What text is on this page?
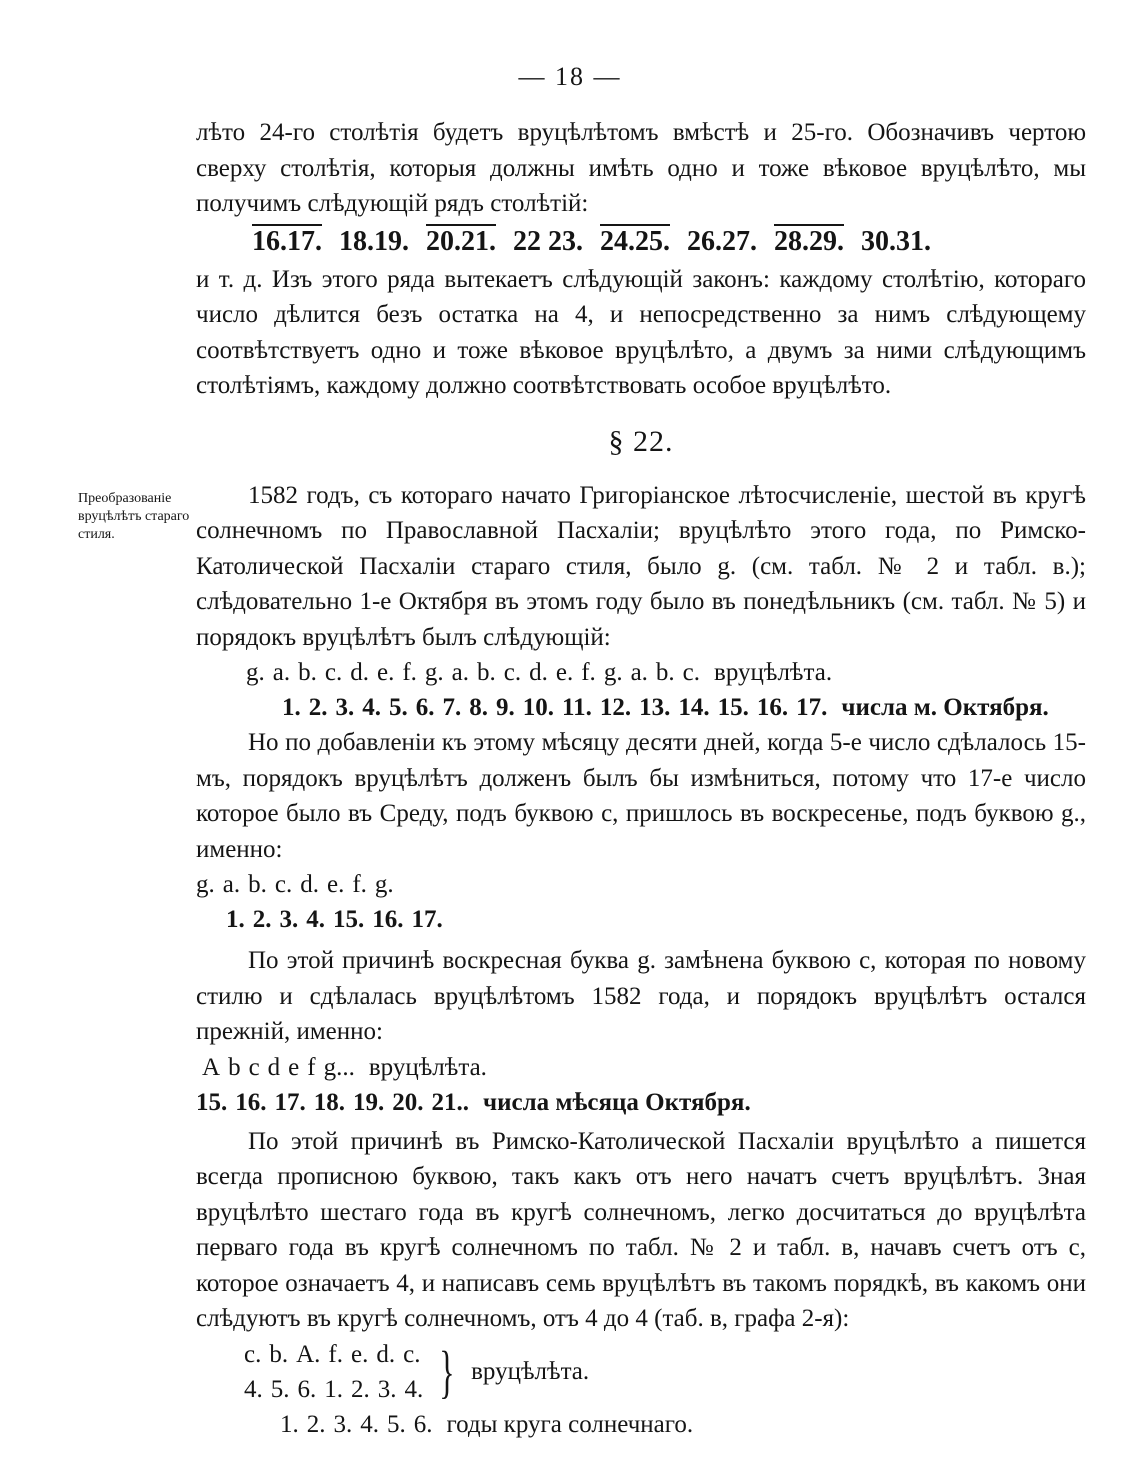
— 18 —
Преобразованіе вруцѣлѣтъ стараго стиля.

лѣто 24-го столѣтія будетъ вруцѣлѣтомъ вмѣстѣ и 25-го. Обозначивъ чертою сверху столѣтія, которыя должны имѣть одно и тоже вѣковое вруцѣлѣто, мы получимъ слѣдующій рядъ столѣтій:

16.17. 18.19. 20.21. 22 23. 24.25. 26.27. 28.29. 30.31.

и т. д. Изъ этого ряда вытекаетъ слѣдующій законъ: каждому столѣтію, котораго число дѣлится безъ остатка на 4, и непосредственно за нимъ слѣдующему соотвѣтствуетъ одно и тоже вѣковое вруцѣлѣто, а двумъ за ними слѣдующимъ столѣтіямъ, каждому должно соотвѣтствовать особое вруцѣлѣто.

§ 22.

1582 годъ, съ котораго начато Григоріанское лѣтосчисленіе, шестой въ кругѣ солнечномъ по Православной Пасхаліи; вруцѣлѣто этого года, по Римско-Католической Пасхаліи стараго стиля, было g. (см. табл. № 2 и табл. в.); слѣдовательно 1-е Октября въ этомъ году было въ понедѣльникъ (см. табл. № 5) и порядокъ вруцѣлѣтъ былъ слѣдующій:

g.	a.	b.	c.	d.	e.	f.	g.	a.	b.	c.	d.	e.	f.	g.	a.	b.	c.	вруцѣлѣта.
1.	2.	3.	4.	5.	6.	7.	8.	9.	10.	11.	12.	13.	14.	15.	16.	17.	числа м. Октября.

Но по добавленіи къ этому мѣсяцу десяти дней, когда 5-е число сдѣлалось 15-мъ, порядокъ вруцѣлѣтъ долженъ былъ бы измѣниться, потому что 17-е число которое было въ Среду, подъ буквою с, пришлось въ воскресенье, подъ буквою g., именно:

g.	a.	b.	c.	d.	e.	f.	g.
1.	2.	3.	4.	15.	16.	17.

По этой причинѣ воскресная буква g. замѣнена буквою с, которая по новому стилю и сдѣлалась вруцѣлѣтомъ 1582 года, и порядокъ вруцѣлѣтъ остался прежній, именно:

A	b	c	d	e	f	g...	вруцѣлѣта.
15.	16.	17.	18.	19.	20.	21..	числа мѣсяца Октября.

По этой причинѣ въ Римско-Католической Пасхаліи вруцѣлѣто a пишется всегда прописною буквою, такъ какъ отъ него начатъ счетъ вруцѣлѣтъ. Зная вруцѣлѣто шестаго года въ кругѣ солнечномъ, легко досчитаться до вруцѣлѣта перваго года въ кругѣ солнечномъ по табл. № 2 и табл. в, начавъ счетъ отъ с, которое означаетъ 4, и написавъ семь вруцѣлѣтъ въ такомъ порядкѣ, въ какомъ они слѣдуютъ въ кругѣ солнечномъ, отъ 4 до 4 (таб. в, графа 2-я):

c.	b.	A.	f.	e.	d.	c.
4.	5.	6.	1.	2.	3.	4. } вруцѣлѣта.
1.	2.	3.	4.	5.	6.	годы круга солнечнаго.
